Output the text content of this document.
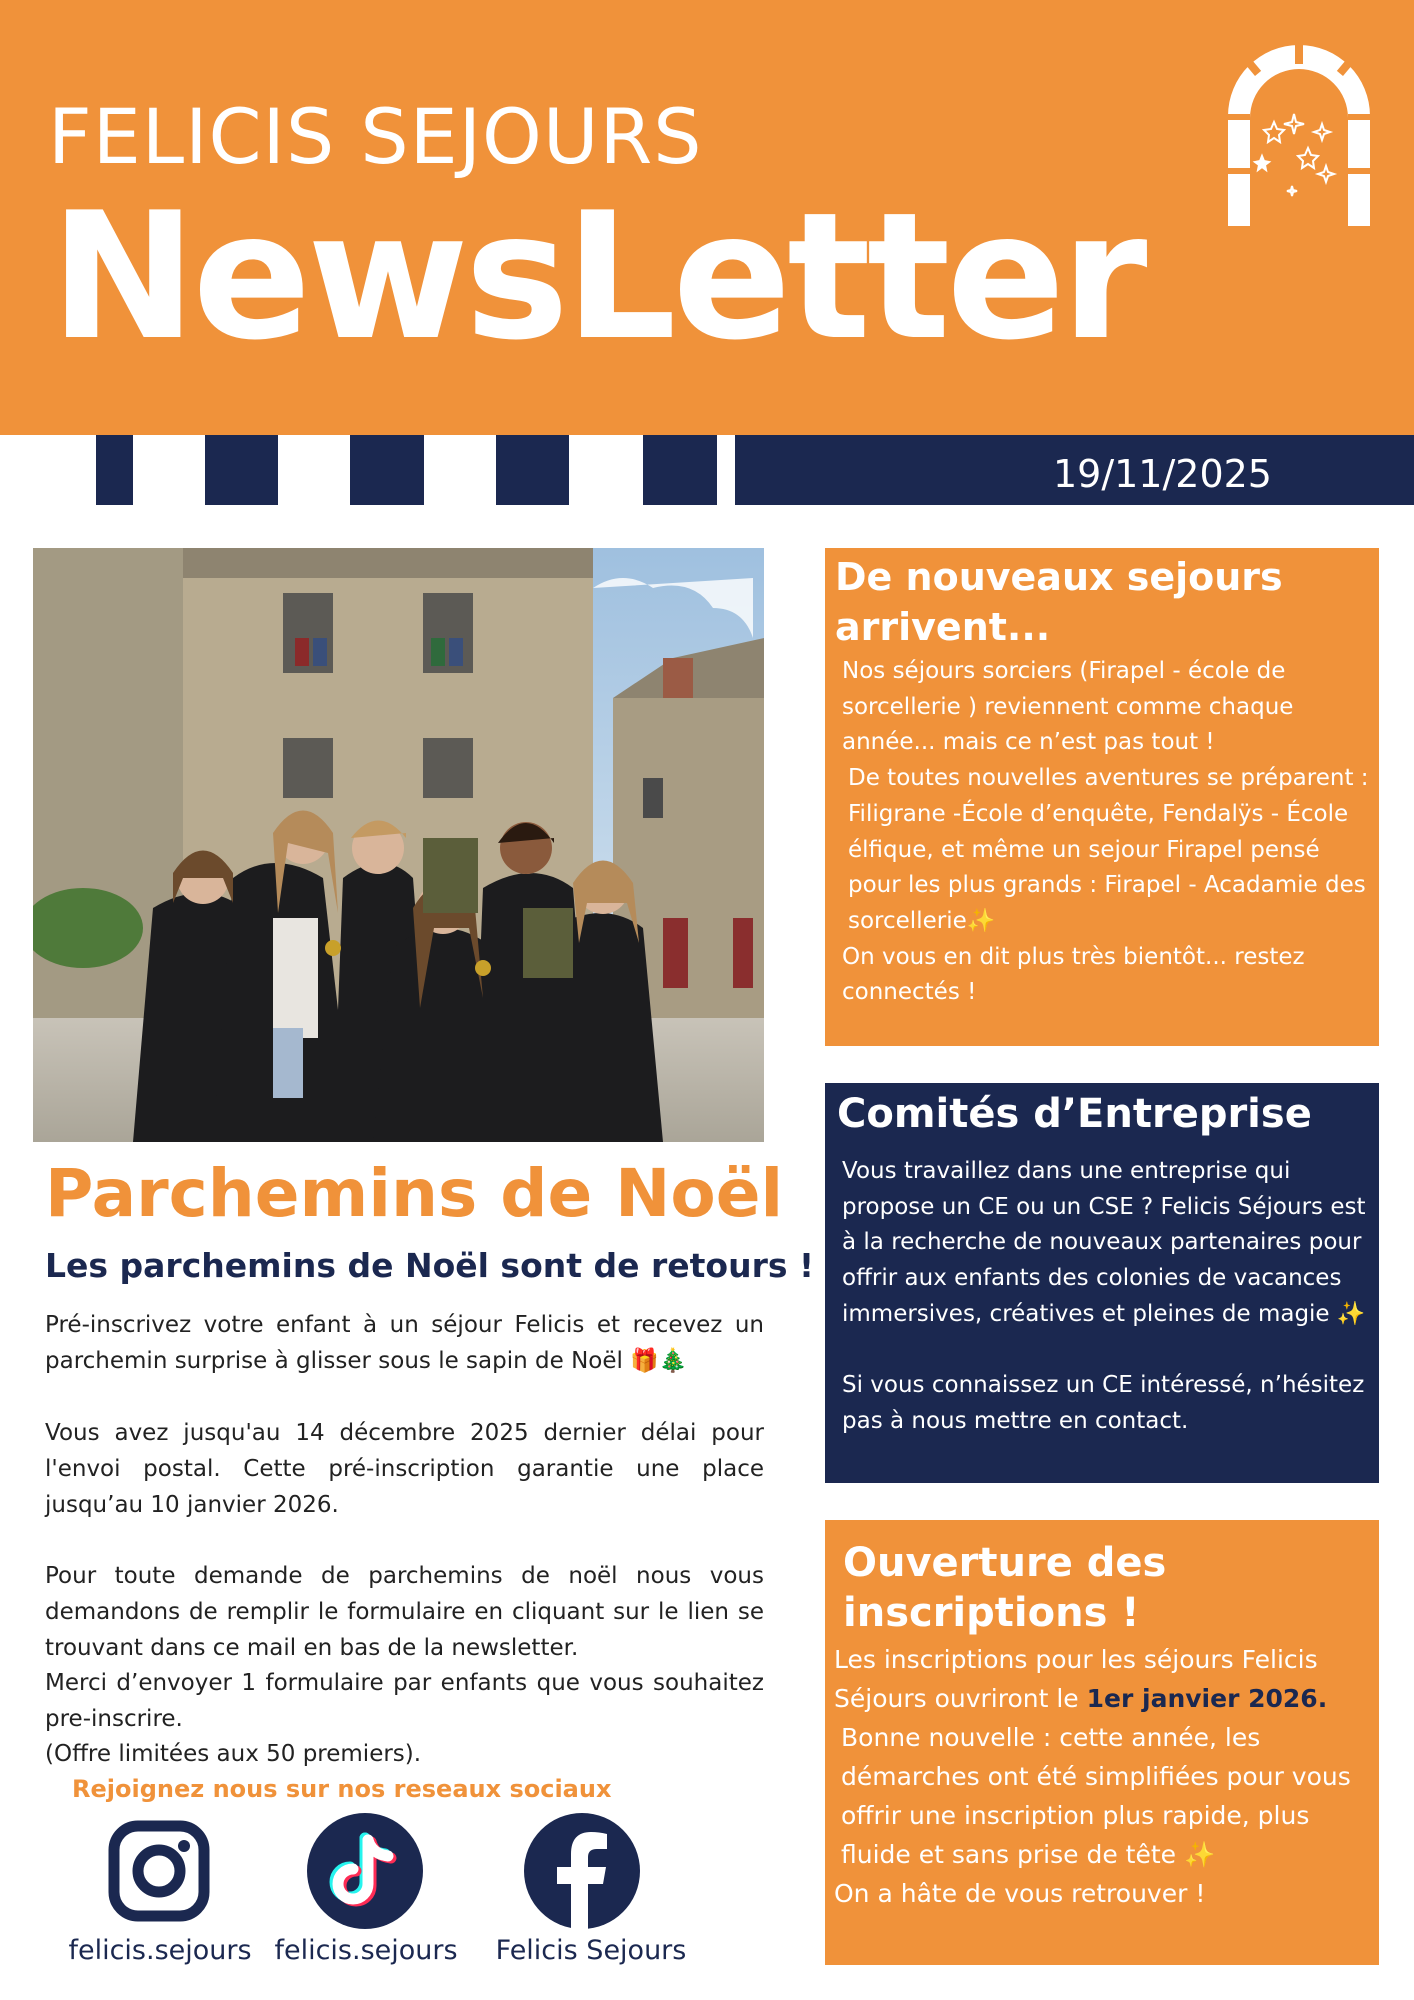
FELICIS SEJOURS
NewsLetter
19/11/2025
Parchemins de Noël
Les parchemins de Noël sont de retours !
Pré-inscrivez votre enfant à un séjour Felicis et recevez un parchemin surprise à glisser sous le sapin de Noël 🎁🎄
Vous avez jusqu'au 14 décembre 2025 dernier délai pour l'envoi postal. Cette pré-inscription garantie une place jusqu’au 10 janvier 2026.
Pour toute demande de parchemins de noël nous vous demandons de remplir le formulaire en cliquant sur le lien se trouvant dans ce mail en bas de la newsletter.
Merci d’envoyer 1 formulaire par enfants que vous souhaitez pre-inscrire.
(Offre limitées aux 50 premiers).
Rejoignez nous sur nos reseaux sociaux
felicis.sejours felicis.sejours	Felicis Sejours
De nouveaux sejours arrivent...

Nos séjours sorciers (Firapel - école de sorcellerie ) reviennent comme chaque année... mais ce n’est pas tout !

De toutes nouvelles aventures se préparent : Filigrane -École d’enquête, Fendalÿs - École élfique, et même un sejour Firapel pensé pour les plus grands : Firapel - Acadamie des sorcellerie✨

On vous en dit plus très bientôt... restez connectés !

Comités d’Entreprise

Vous travaillez dans une entreprise qui propose un CE ou un CSE ? Felicis Séjours est à la recherche de nouveaux partenaires pour offrir aux enfants des colonies de vacances immersives, créatives et pleines de magie ✨

Si vous connaissez un CE intéressé, n’hésitez pas à nous mettre en contact.

Ouverture des inscriptions !

Les inscriptions pour les séjours Felicis Séjours ouvriront le 1er janvier 2026.

Bonne nouvelle : cette année, les démarches ont été simplifiées pour vous offrir une inscription plus rapide, plus fluide et sans prise de tête ✨

On a hâte de vous retrouver !
